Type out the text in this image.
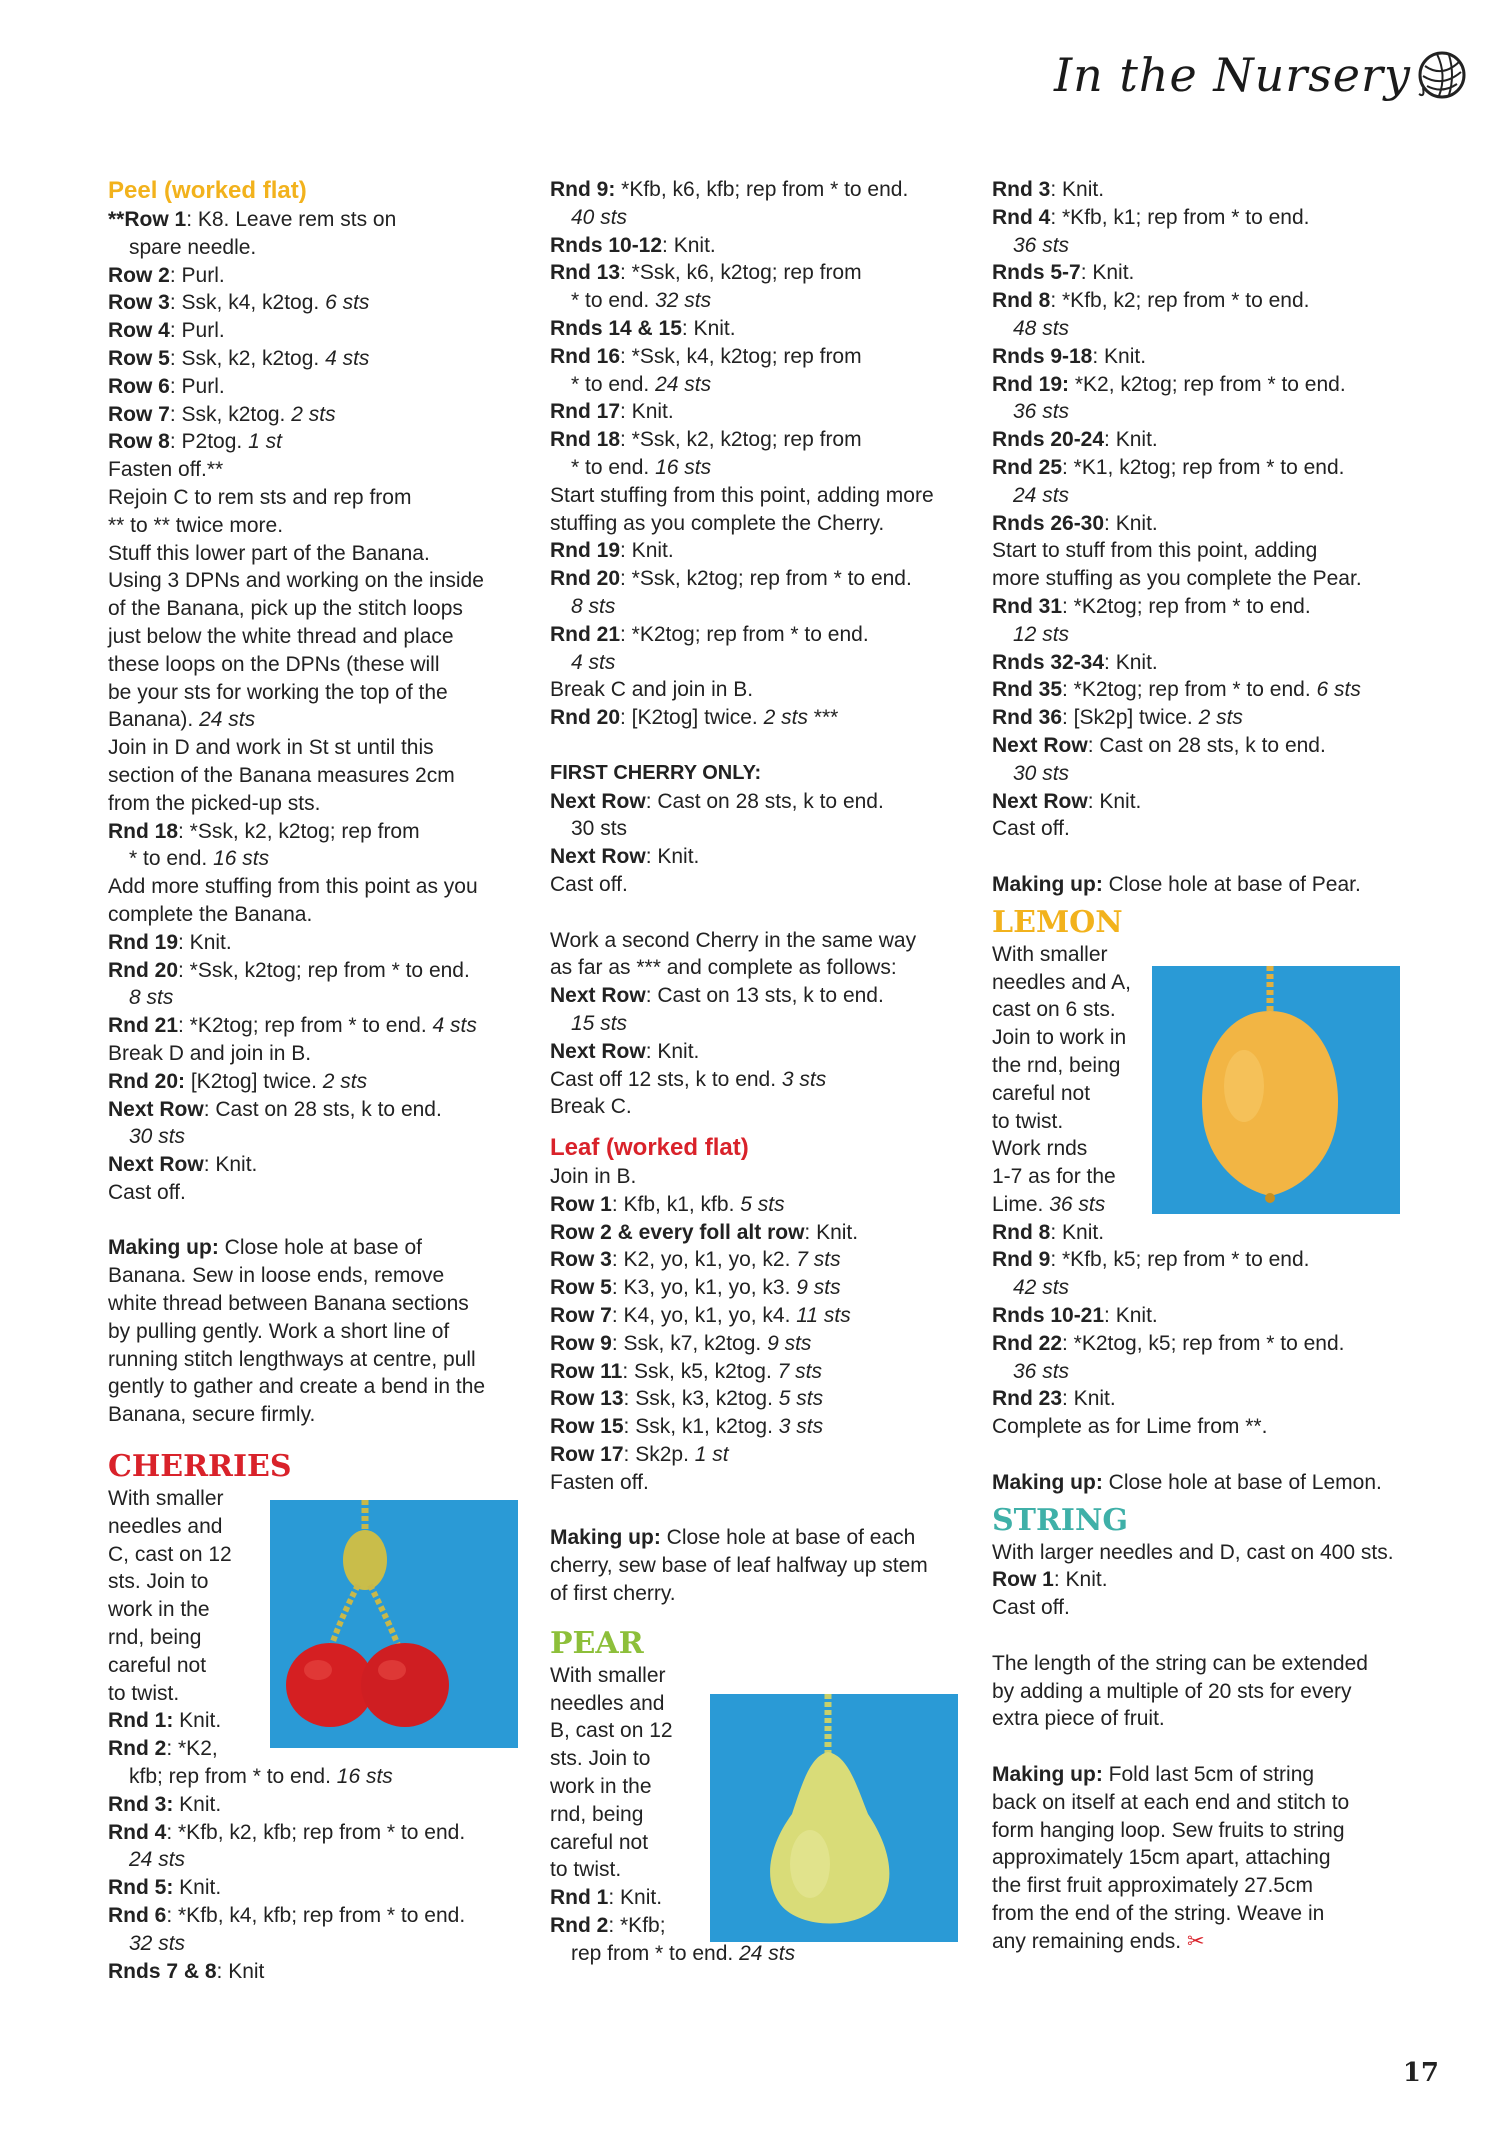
In the Nursery
Peel (worked flat)
**Row 1: K8. Leave rem sts on
spare needle.
Row 2: Purl.
Row 3: Ssk, k4, k2tog. 6 sts
Row 4: Purl.
Row 5: Ssk, k2, k2tog. 4 sts
Row 6: Purl.
Row 7: Ssk, k2tog. 2 sts
Row 8: P2tog. 1 st
Fasten off.**
Rejoin C to rem sts and rep from
** to ** twice more.
Stuff this lower part of the Banana.
Using 3 DPNs and working on the inside
of the Banana, pick up the stitch loops
just below the white thread and place
these loops on the DPNs (these will
be your sts for working the top of the
Banana). 24 sts
Join in D and work in St st until this
section of the Banana measures 2cm
from the picked-up sts.
Rnd 18: *Ssk, k2, k2tog; rep from
* to end. 16 sts
Add more stuffing from this point as you
complete the Banana.
Rnd 19: Knit.
Rnd 20: *Ssk, k2tog; rep from * to end.
8 sts
Rnd 21: *K2tog; rep from * to end. 4 sts
Break D and join in B.
Rnd 20: [K2tog] twice. 2 sts
Next Row: Cast on 28 sts, k to end.
30 sts
Next Row: Knit.
Cast off.
Making up: Close hole at base of
Banana. Sew in loose ends, remove
white thread between Banana sections
by pulling gently. Work a short line of
running stitch lengthways at centre, pull
gently to gather and create a bend in the
Banana, secure firmly.
CHERRIES
With smaller
needles and
C, cast on 12
sts. Join to
work in the
rnd, being
careful not
to twist.
Rnd 1: Knit.
Rnd 2: *K2,
kfb; rep from * to end. 16 sts
Rnd 3: Knit.
Rnd 4: *Kfb, k2, kfb; rep from * to end.
24 sts
Rnd 5: Knit.
Rnd 6: *Kfb, k4, kfb; rep from * to end.
32 sts
Rnds 7 & 8: Knit
Rnd 9: *Kfb, k6, kfb; rep from * to end.
40 sts
Rnds 10-12: Knit.
Rnd 13: *Ssk, k6, k2tog; rep from
* to end. 32 sts
Rnds 14 & 15: Knit.
Rnd 16: *Ssk, k4, k2tog; rep from
* to end. 24 sts
Rnd 17: Knit.
Rnd 18: *Ssk, k2, k2tog; rep from
* to end. 16 sts
Start stuffing from this point, adding more
stuffing as you complete the Cherry.
Rnd 19: Knit.
Rnd 20: *Ssk, k2tog; rep from * to end.
8 sts
Rnd 21: *K2tog; rep from * to end.
4 sts
Break C and join in B.
Rnd 20: [K2tog] twice. 2 sts ***
FIRST CHERRY ONLY:
Next Row: Cast on 28 sts, k to end.
30 sts
Next Row: Knit.
Cast off.
Work a second Cherry in the same way
as far as *** and complete as follows:
Next Row: Cast on 13 sts, k to end.
15 sts
Next Row: Knit.
Cast off 12 sts, k to end. 3 sts
Break C.
Leaf (worked flat)
Join in B.
Row 1: Kfb, k1, kfb. 5 sts
Row 2 & every foll alt row: Knit.
Row 3: K2, yo, k1, yo, k2. 7 sts
Row 5: K3, yo, k1, yo, k3. 9 sts
Row 7: K4, yo, k1, yo, k4. 11 sts
Row 9: Ssk, k7, k2tog. 9 sts
Row 11: Ssk, k5, k2tog. 7 sts
Row 13: Ssk, k3, k2tog. 5 sts
Row 15: Ssk, k1, k2tog. 3 sts
Row 17: Sk2p. 1 st
Fasten off.
Making up: Close hole at base of each
cherry, sew base of leaf halfway up stem
of first cherry.
PEAR
With smaller
needles and
B, cast on 12
sts. Join to
work in the
rnd, being
careful not
to twist.
Rnd 1: Knit.
Rnd 2: *Kfb;
rep from * to end. 24 sts
Rnd 3: Knit.
Rnd 4: *Kfb, k1; rep from * to end.
36 sts
Rnds 5-7: Knit.
Rnd 8: *Kfb, k2; rep from * to end.
48 sts
Rnds 9-18: Knit.
Rnd 19: *K2, k2tog; rep from * to end.
36 sts
Rnds 20-24: Knit.
Rnd 25: *K1, k2tog; rep from * to end.
24 sts
Rnds 26-30: Knit.
Start to stuff from this point, adding
more stuffing as you complete the Pear.
Rnd 31: *K2tog; rep from * to end.
12 sts
Rnds 32-34: Knit.
Rnd 35: *K2tog; rep from * to end. 6 sts
Rnd 36: [Sk2p] twice. 2 sts
Next Row: Cast on 28 sts, k to end.
30 sts
Next Row: Knit.
Cast off.
Making up: Close hole at base of Pear.
LEMON
With smaller
needles and A,
cast on 6 sts.
Join to work in
the rnd, being
careful not
to twist.
Work rnds
1-7 as for the
Lime. 36 sts
Rnd 8: Knit.
Rnd 9: *Kfb, k5; rep from * to end.
42 sts
Rnds 10-21: Knit.
Rnd 22: *K2tog, k5; rep from * to end.
36 sts
Rnd 23: Knit.
Complete as for Lime from **.
Making up: Close hole at base of Lemon.
STRING
With larger needles and D, cast on 400 sts.
Row 1: Knit.
Cast off.
The length of the string can be extended
by adding a multiple of 20 sts for every
extra piece of fruit.
Making up: Fold last 5cm of string
back on itself at each end and stitch to
form hanging loop. Sew fruits to string
approximately 15cm apart, attaching
the first fruit approximately 27.5cm
from the end of the string. Weave in
any remaining ends. ✂
17
